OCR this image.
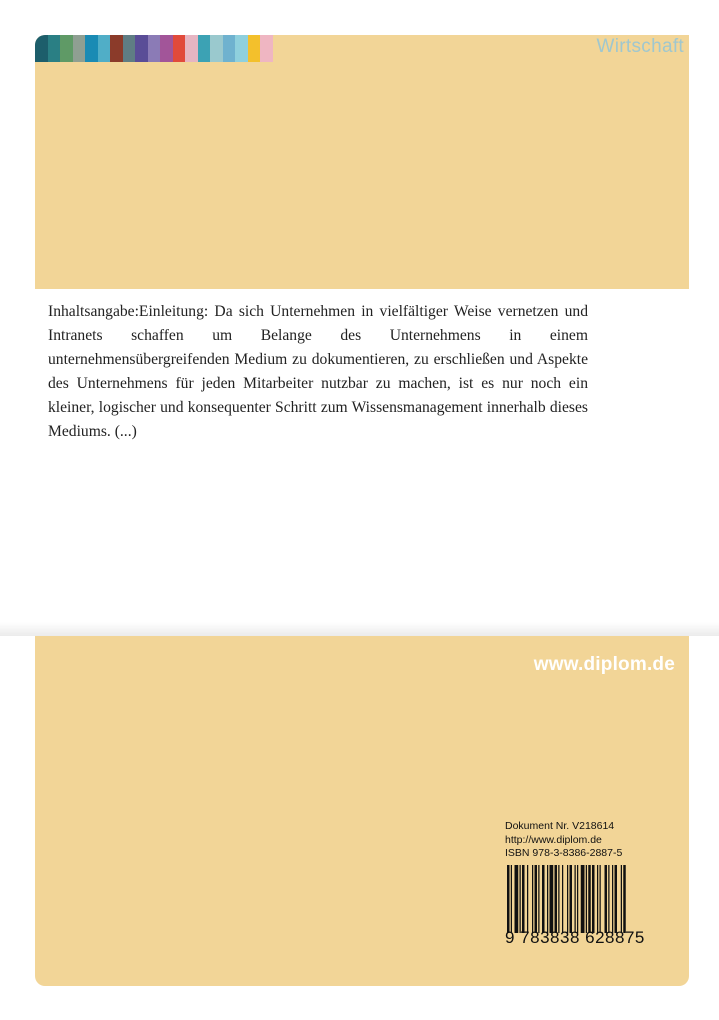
Wirtschaft

Inhaltsangabe:Einleitung: Da sich Unternehmen in vielfältiger Weise vernetzen und Intranets schaffen um Belange des Unternehmens in einem unternehmensübergreifenden Medium zu dokumentieren, zu erschließen und Aspekte des Unternehmens für jeden Mitarbeiter nutzbar zu machen, ist es nur noch ein kleiner, logischer und konsequenter Schritt zum Wissensmanagement innerhalb dieses Mediums. (...)

www.diplom.de
Dokument Nr. V218614
http://www.diplom.de
ISBN 978-3-8386-2887-5
9 783838 628875
